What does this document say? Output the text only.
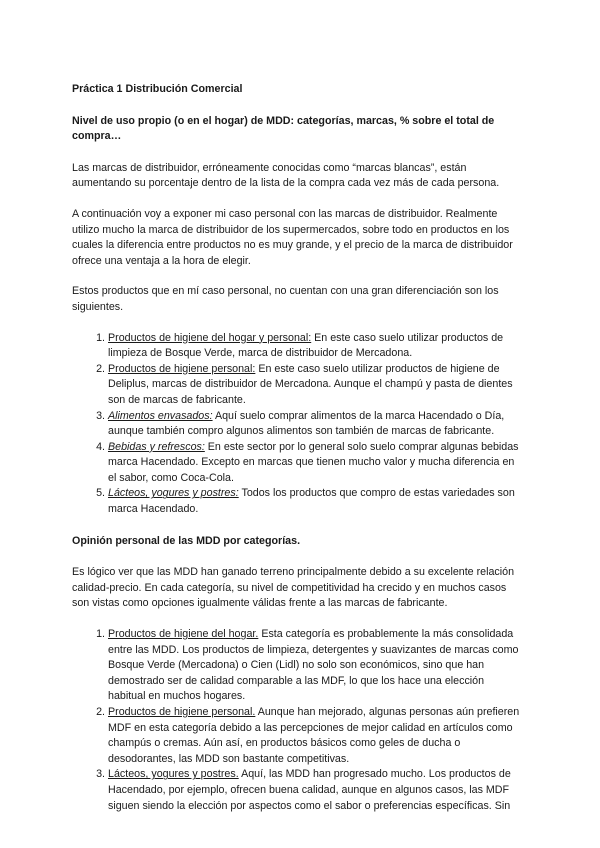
Práctica 1 Distribución Comercial
Nivel de uso propio (o en el hogar) de MDD: categorías, marcas, % sobre el total de compra…

Las marcas de distribuidor, erróneamente conocidas como “marcas blancas”, están aumentando su porcentaje dentro de la lista de la compra cada vez más de cada persona.

A continuación voy a exponer mi caso personal con las marcas de distribuidor. Realmente utilizo mucho la marca de distribuidor de los supermercados, sobre todo en productos en los cuales la diferencia entre productos no es muy grande, y el precio de la marca de distribuidor ofrece una ventaja a la hora de elegir.

Estos productos que en mí caso personal, no cuentan con una gran diferenciación son los siguientes.

1. Productos de higiene del hogar y personal: En este caso suelo utilizar productos de limpieza de Bosque Verde, marca de distribuidor de Mercadona.
2. Productos de higiene personal: En este caso suelo utilizar productos de higiene de Deliplus, marcas de distribuidor de Mercadona. Aunque el champú y pasta de dientes son de marcas de fabricante.
3. Alimentos envasados: Aquí suelo comprar alimentos de la marca Hacendado o Día, aunque también compro algunos alimentos son también de marcas de fabricante.
4. Bebidas y refrescos: En este sector por lo general solo suelo comprar algunas bebidas marca Hacendado. Excepto en marcas que tienen mucho valor y mucha diferencia en el sabor, como Coca-Cola.
5. Lácteos, yogures y postres: Todos los productos que compro de estas variedades son marca Hacendado.
Opinión personal de las MDD por categorías.

Es lógico ver que las MDD han ganado terreno principalmente debido a su excelente relación calidad-precio. En cada categoría, su nivel de competitividad ha crecido y en muchos casos son vistas como opciones igualmente válidas frente a las marcas de fabricante.

1. Productos de higiene del hogar. Esta categoría es probablemente la más consolidada entre las MDD. Los productos de limpieza, detergentes y suavizantes de marcas como Bosque Verde (Mercadona) o Cien (Lidl) no solo son económicos, sino que han demostrado ser de calidad comparable a las MDF, lo que los hace una elección habitual en muchos hogares.
2. Productos de higiene personal. Aunque han mejorado, algunas personas aún prefieren MDF en esta categoría debido a las percepciones de mejor calidad en artículos como champús o cremas. Aún así, en productos básicos como geles de ducha o desodorantes, las MDD son bastante competitivas.
3. Lácteos, yogures y postres. Aquí, las MDD han progresado mucho. Los productos de Hacendado, por ejemplo, ofrecen buena calidad, aunque en algunos casos, las MDF siguen siendo la elección por aspectos como el sabor o preferencias específicas. Sin
